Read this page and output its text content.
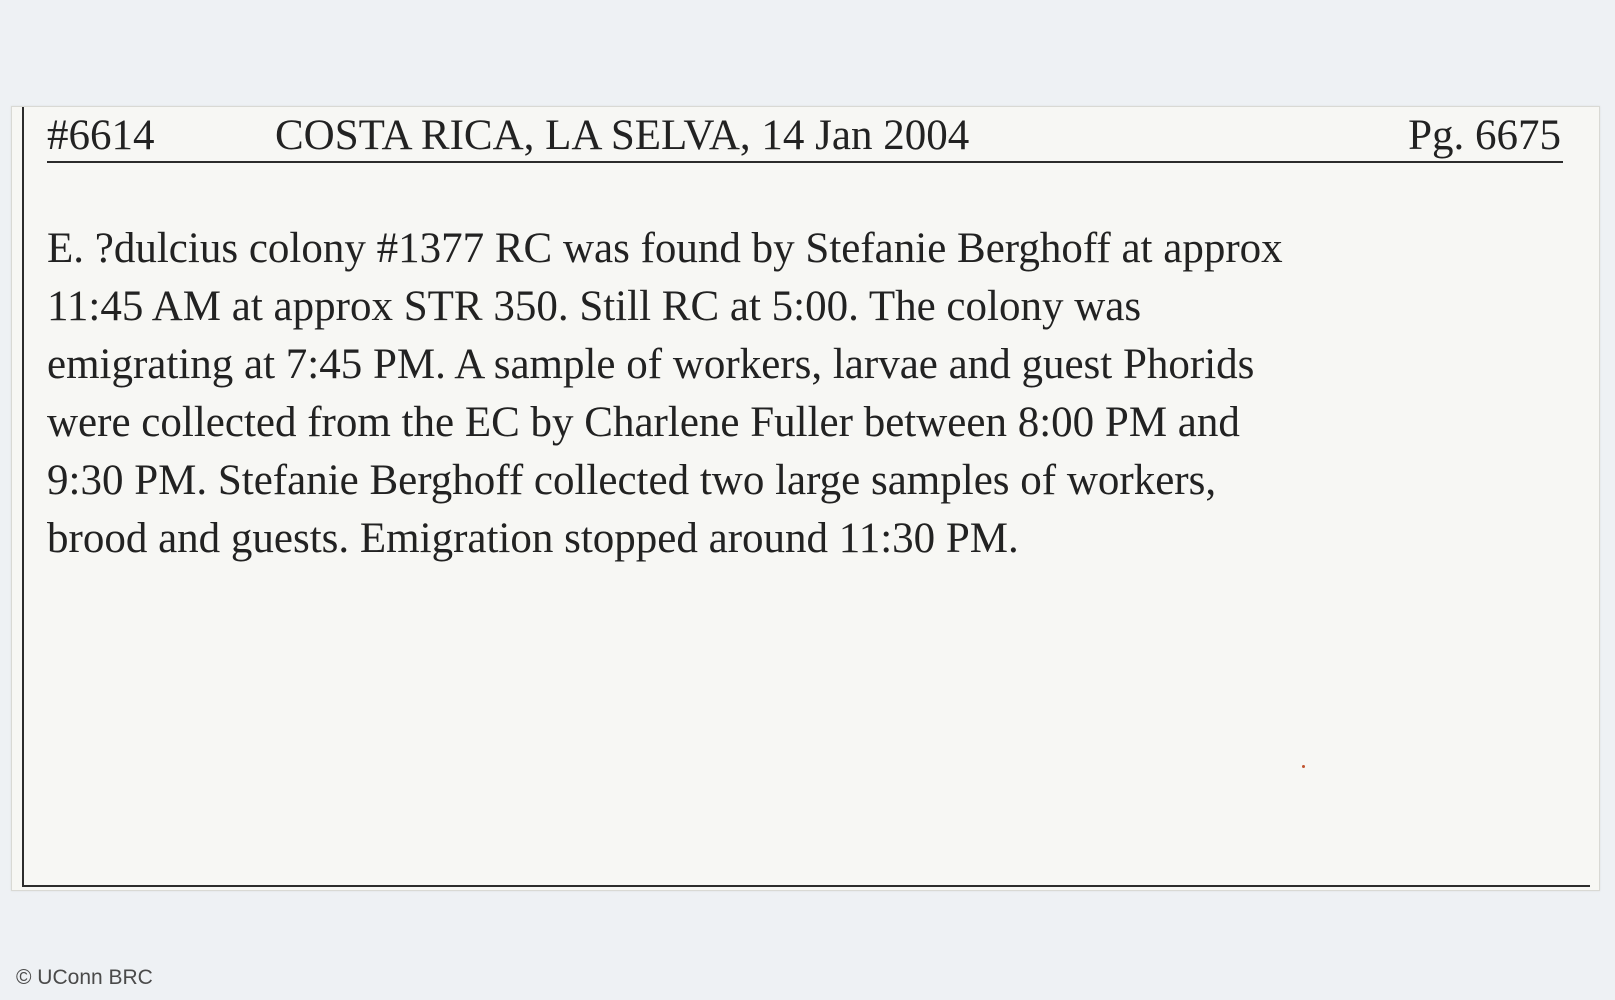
#6614	COSTA RICA, LA SELVA, 14 Jan 2004	Pg. 6675
E. ?dulcius colony #1377 RC was found by Stefanie Berghoff at approx
11:45 AM at approx STR 350. Still RC at 5:00. The colony was
emigrating at 7:45 PM. A sample of workers, larvae and guest Phorids
were collected from the EC by Charlene Fuller between 8:00 PM and
9:30 PM. Stefanie Berghoff collected two large samples of workers,
brood and guests. Emigration stopped around 11:30 PM.
© UConn BRC
